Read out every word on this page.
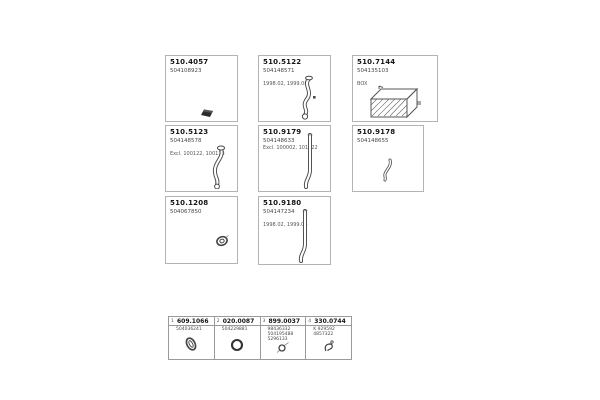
510.4057
504108923
510.5122
504148571
1998.02, 1999.08
510.7144
504135103
BOX
510.5123
504148578
Excl. 100122, 100133
510.9179
504148633
Excl. 100002, 101122
510.9178
504148655
510.1208
504067850
510.9180
504147234
1998.02, 1999.08
1 609.1066
504036241
2 020.0087
504229881
3 899.0037
98436332
504195488
5296133
4 330.0744
K 929592
4857322
